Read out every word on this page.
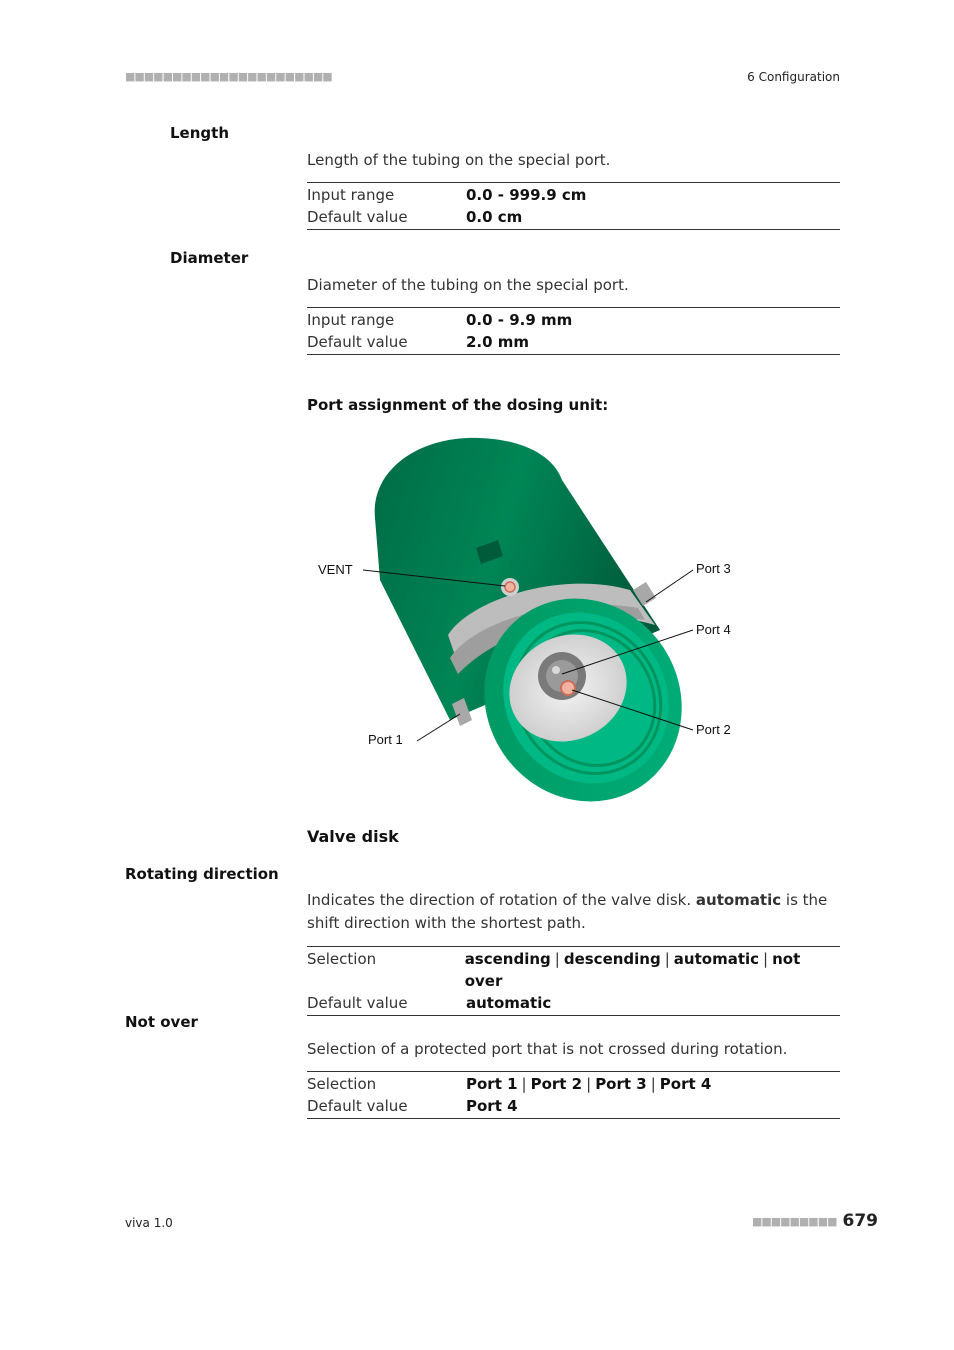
■■■■■■■■■■■■■■■■■■■■■■	6 Configuration
Length
Length of the tubing on the special port.
Input range	0.0 - 999.9 cm
Default value	0.0 cm
Diameter
Diameter of the tubing on the special port.
Input range	0.0 - 9.9 mm
Default value	2.0 mm
Port assignment of the dosing unit:
VENT	Port 3
Port 4
Port 2
Port 1
Valve disk
Rotating direction
Indicates the direction of rotation of the valve disk. automatic is the shift direction with the shortest path.
Selection	ascending | descending | automatic | not over
Default value	automatic
Not over
Selection of a protected port that is not crossed during rotation.
Selection	Port 1 | Port 2 | Port 3 | Port 4
Default value	Port 4
viva 1.0	■■■■■■■■■ 679
